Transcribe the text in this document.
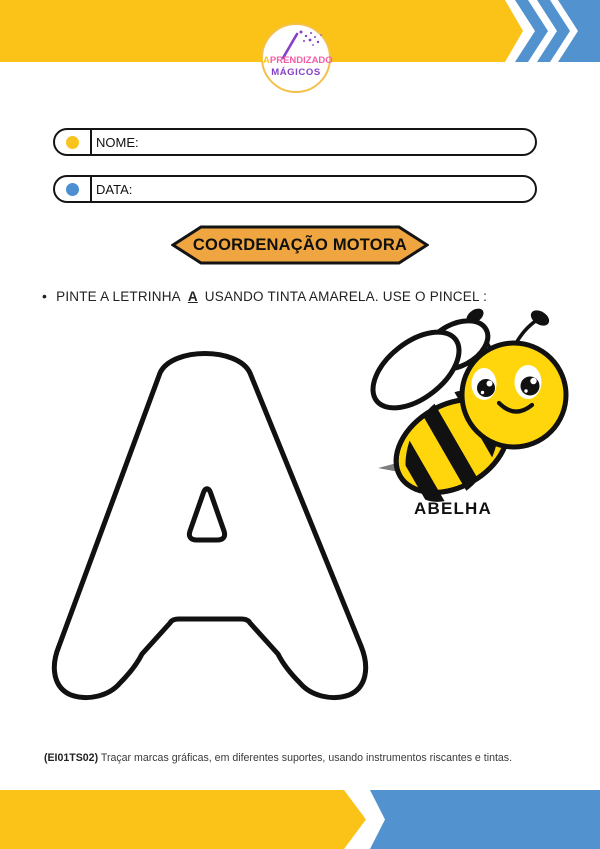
APRENDIZADO
MÁGICOS
NOME:
DATA:
COORDENAÇÃO MOTORA
• PINTE A LETRINHA A USANDO TINTA AMARELA. USE O PINCEL :
ABELHA
(EI01TS02) Traçar marcas gráficas, em diferentes suportes, usando instrumentos riscantes e tintas.
